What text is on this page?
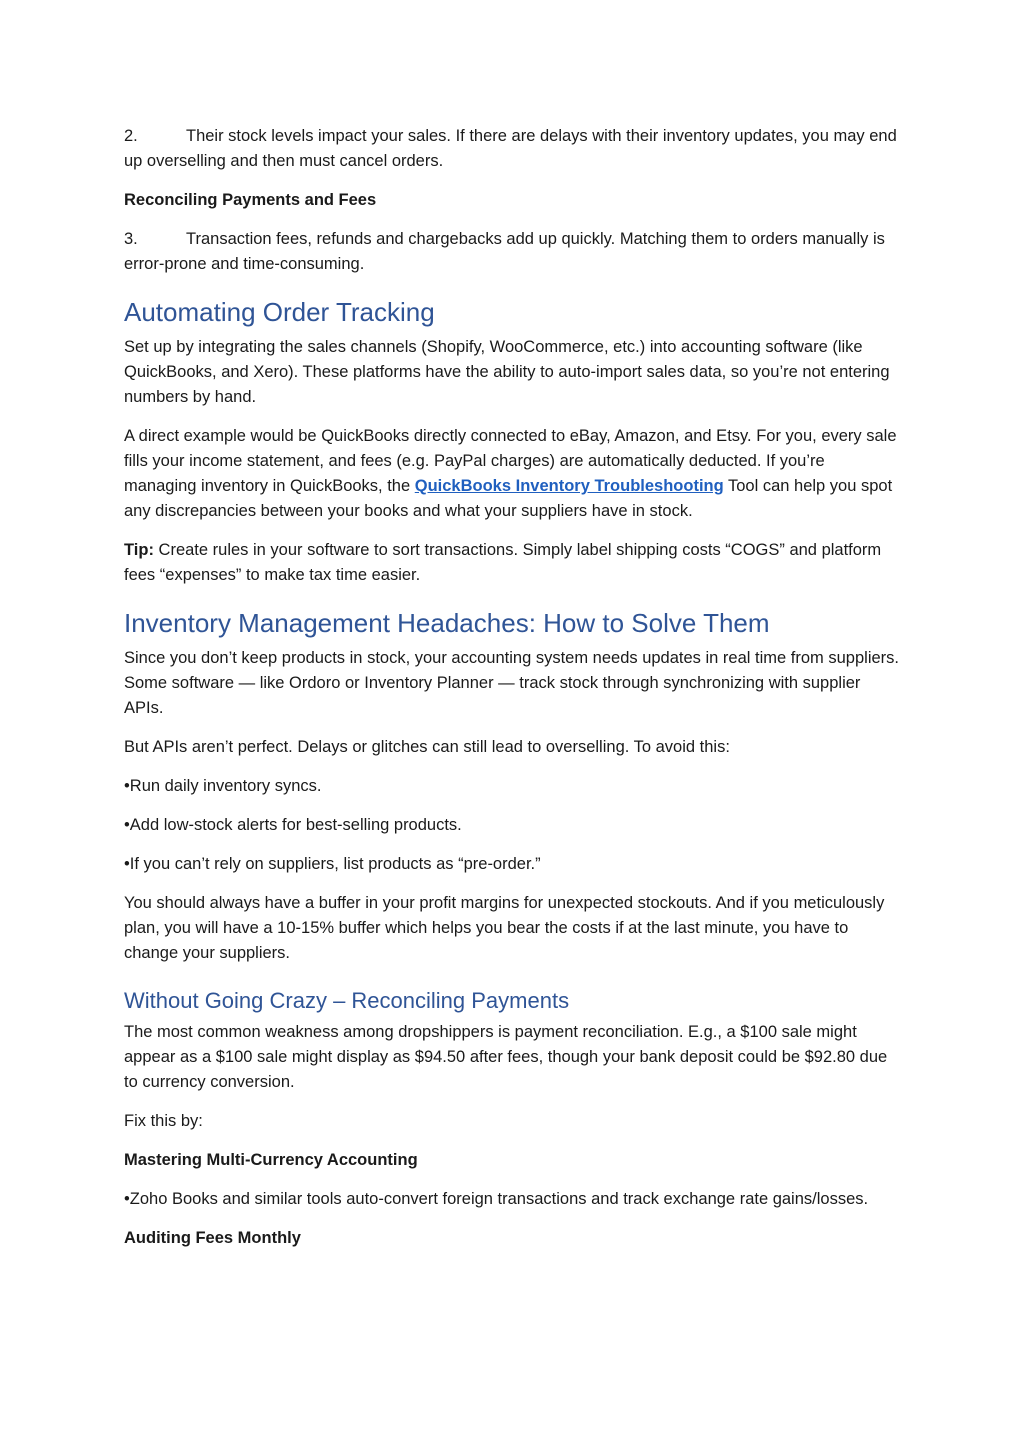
2.	Their stock levels impact your sales. If there are delays with their inventory updates, you may end up overselling and then must cancel orders.

Reconciling Payments and Fees

3.	Transaction fees, refunds and chargebacks add up quickly. Matching them to orders manually is error-prone and time-consuming.

Automating Order Tracking

Set up by integrating the sales channels (Shopify, WooCommerce, etc.) into accounting software (like QuickBooks, and Xero). These platforms have the ability to auto-import sales data, so you’re not entering numbers by hand.

A direct example would be QuickBooks directly connected to eBay, Amazon, and Etsy. For you, every sale fills your income statement, and fees (e.g. PayPal charges) are automatically deducted. If you’re managing inventory in QuickBooks, the QuickBooks Inventory Troubleshooting Tool can help you spot any discrepancies between your books and what your suppliers have in stock.

Tip: Create rules in your software to sort transactions. Simply label shipping costs “COGS” and platform fees “expenses” to make tax time easier.

Inventory Management Headaches: How to Solve Them

Since you don’t keep products in stock, your accounting system needs updates in real time from suppliers. Some software — like Ordoro or Inventory Planner — track stock through synchronizing with supplier APIs.

But APIs aren’t perfect. Delays or glitches can still lead to overselling. To avoid this:

• Run daily inventory syncs.

• Add low-stock alerts for best-selling products.

• If you can’t rely on suppliers, list products as “pre-order.”

You should always have a buffer in your profit margins for unexpected stockouts. And if you meticulously plan, you will have a 10-15% buffer which helps you bear the costs if at the last minute, you have to change your suppliers.

Without Going Crazy – Reconciling Payments

The most common weakness among dropshippers is payment reconciliation. E.g., a $100 sale might appear as a $100 sale might display as $94.50 after fees, though your bank deposit could be $92.80 due to currency conversion.

Fix this by:

Mastering Multi-Currency Accounting

• Zoho Books and similar tools auto-convert foreign transactions and track exchange rate gains/losses.

Auditing Fees Monthly
